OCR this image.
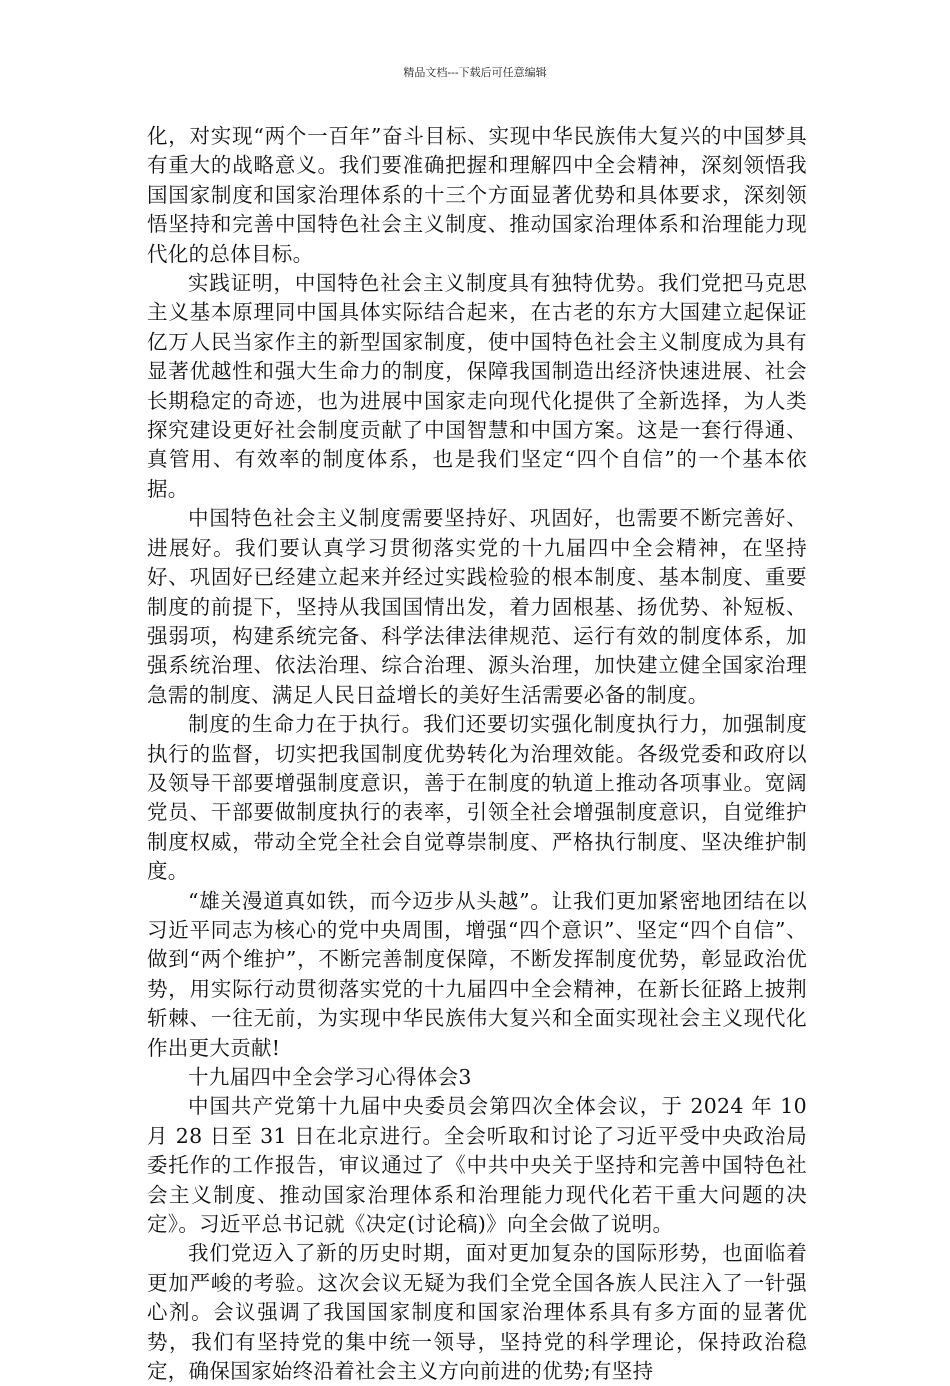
精品文档---下载后可任意编辑

化，对实现“两个一百年”奋斗目标、实现中华民族伟大复兴的中国梦具有重大的战略意义。我们要准确把握和理解四中全会精神，深刻领悟我国国家制度和国家治理体系的十三个方面显著优势和具体要求，深刻领悟坚持和完善中国特色社会主义制度、推动国家治理体系和治理能力现代化的总体目标。

实践证明，中国特色社会主义制度具有独特优势。我们党把马克思主义基本原理同中国具体实际结合起来，在古老的东方大国建立起保证亿万人民当家作主的新型国家制度，使中国特色社会主义制度成为具有显著优越性和强大生命力的制度，保障我国制造出经济快速进展、社会长期稳定的奇迹，也为进展中国家走向现代化提供了全新选择，为人类探究建设更好社会制度贡献了中国智慧和中国方案。这是一套行得通、真管用、有效率的制度体系，也是我们坚定“四个自信”的一个基本依据。

中国特色社会主义制度需要坚持好、巩固好，也需要不断完善好、进展好。我们要认真学习贯彻落实党的十九届四中全会精神，在坚持好、巩固好已经建立起来并经过实践检验的根本制度、基本制度、重要制度的前提下，坚持从我国国情出发，着力固根基、扬优势、补短板、强弱项，构建系统完备、科学法律法律规范、运行有效的制度体系，加强系统治理、依法治理、综合治理、源头治理，加快建立健全国家治理急需的制度、满足人民日益增长的美好生活需要必备的制度。

制度的生命力在于执行。我们还要切实强化制度执行力，加强制度执行的监督，切实把我国制度优势转化为治理效能。各级党委和政府以及领导干部要增强制度意识，善于在制度的轨道上推动各项事业。宽阔党员、干部要做制度执行的表率，引领全社会增强制度意识，自觉维护制度权威，带动全党全社会自觉尊崇制度、严格执行制度、坚决维护制度。

“雄关漫道真如铁，而今迈步从头越”。让我们更加紧密地团结在以习近平同志为核心的党中央周围，增强“四个意识”、坚定“四个自信”、做到“两个维护”，不断完善制度保障，不断发挥制度优势，彰显政治优势，用实际行动贯彻落实党的十九届四中全会精神，在新长征路上披荆斩棘、一往无前，为实现中华民族伟大复兴和全面实现社会主义现代化作出更大贡献!

十九届四中全会学习心得体会3

中国共产党第十九届中央委员会第四次全体会议，于 2024 年 10 月 28 日至 31 日在北京进行。全会听取和讨论了习近平受中央政治局委托作的工作报告，审议通过了《中共中央关于坚持和完善中国特色社会主义制度、推动国家治理体系和治理能力现代化若干重大问题的决定》。习近平总书记就《决定(讨论稿)》向全会做了说明。

我们党迈入了新的历史时期，面对更加复杂的国际形势，也面临着更加严峻的考验。这次会议无疑为我们全党全国各族人民注入了一针强心剂。会议强调了我国国家制度和国家治理体系具有多方面的显著优势，我们有坚持党的集中统一领导，坚持党的科学理论，保持政治稳定，确保国家始终沿着社会主义方向前进的优势;有坚持
